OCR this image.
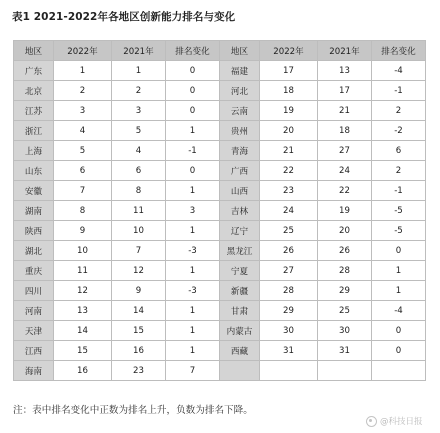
表1 2021-2022年各地区创新能力排名与变化
地区	2022年	2021年	排名变化	地区	2022年	2021年	排名变化
广东	1	1	0	福建	17	13	-4
北京	2	2	0	河北	18	17	-1
江苏	3	3	0	云南	19	21	2
浙江	4	5	1	贵州	20	18	-2
上海	5	4	-1	青海	21	27	6
山东	6	6	0	广西	22	24	2
安徽	7	8	1	山西	23	22	-1
湖南	8	11	3	吉林	24	19	-5
陕西	9	10	1	辽宁	25	20	-5
湖北	10	7	-3	黑龙江	26	26	0
重庆	11	12	1	宁夏	27	28	1
四川	12	9	-3	新疆	28	29	1
河南	13	14	1	甘肃	29	25	-4
天津	14	15	1	内蒙古	30	30	0
江西	15	16	1	西藏	31	31	0
海南	16	23	7				
注：表中排名变化中正数为排名上升，负数为排名下降。
@科技日报
